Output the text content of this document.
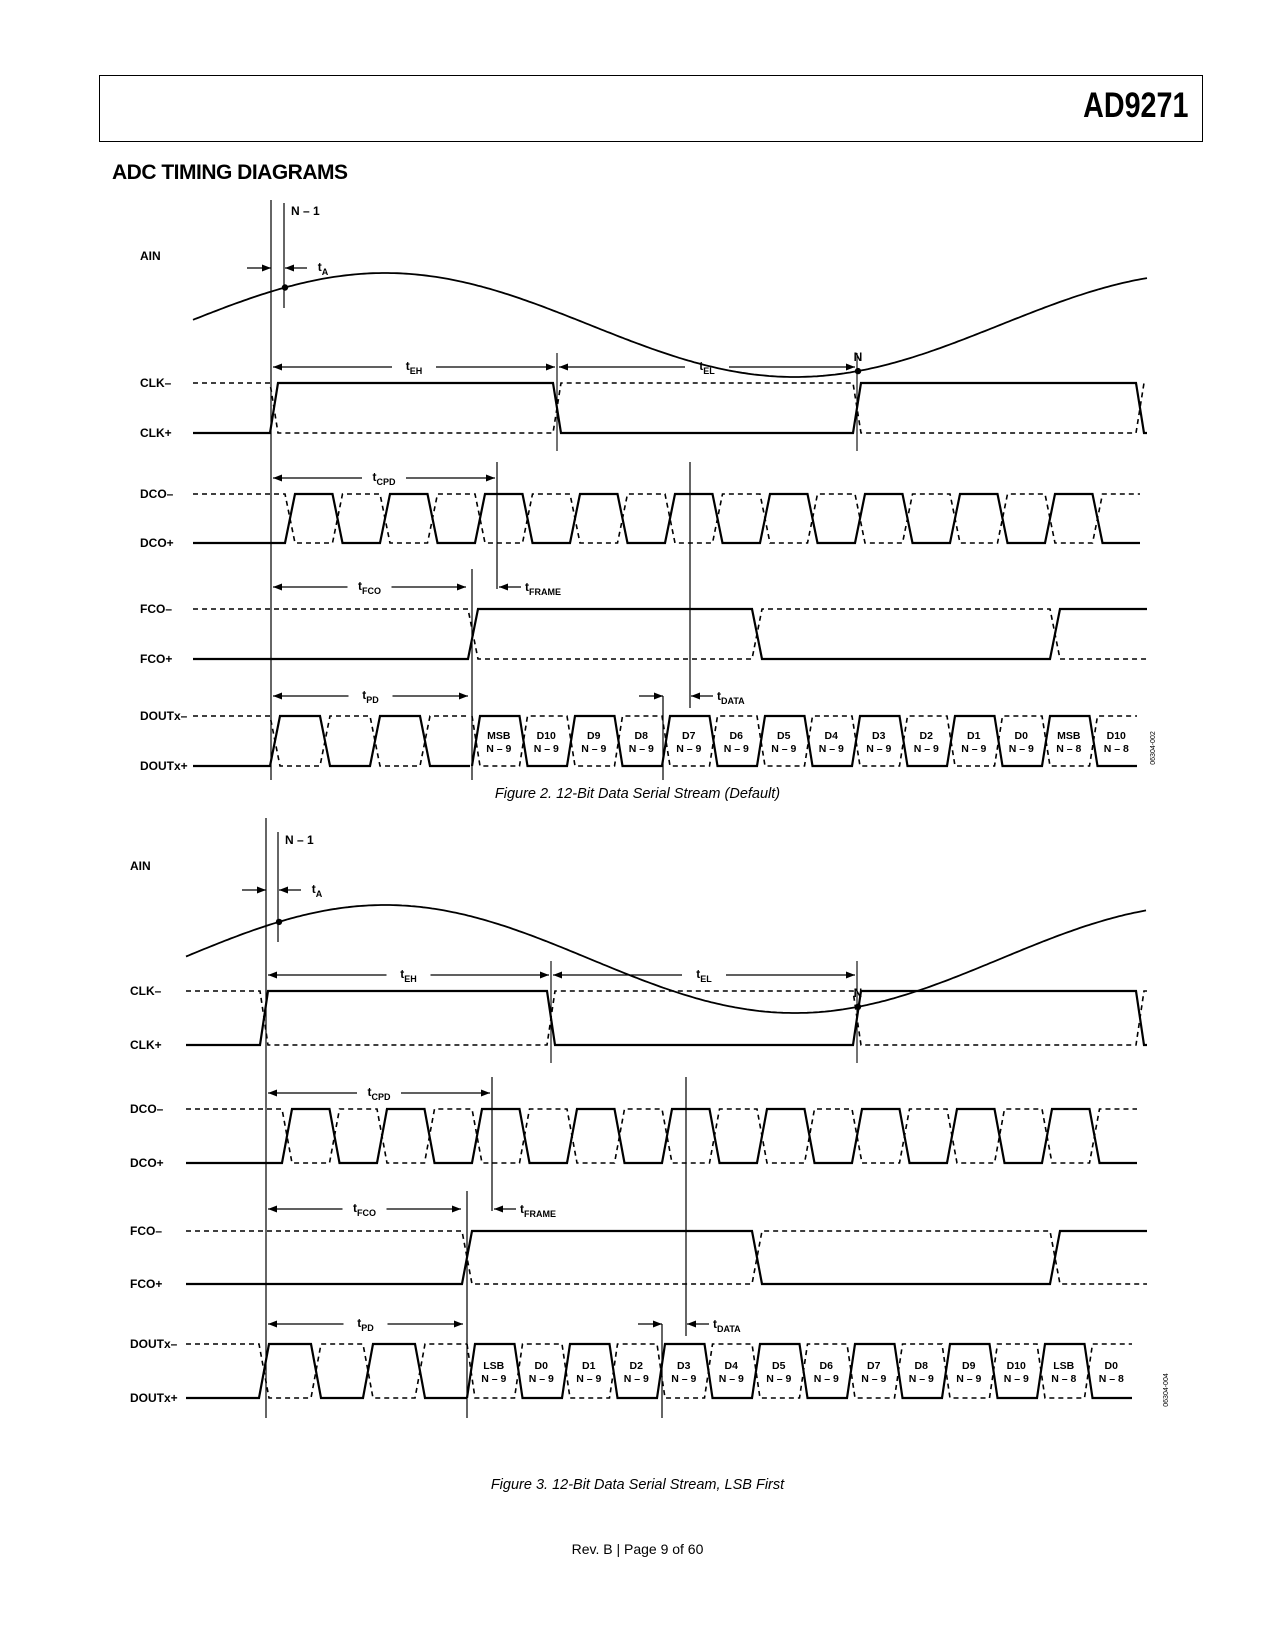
AD9271
ADC TIMING DIAGRAMS
AIN
N – 1
N
$t_A$
CLK–
CLK+
$t_{EH}$	$t_{EL}$
DCO–
DCO+
$t_{CPD}$
FCO–
FCO+
$t_{FCO}$	$t_{FRAME}$
DOUTx–
DOUTx+
$t_{PD}$	$t_{DATA}$
MSB
N – 9
D10
N – 9
D9
N – 9
D8
N – 9
D7
N – 9
D6
N – 9
D5
N – 9
D4
N – 9
D3
N – 9
D2
N – 9
D1
N – 9
D0
N – 9
MSB
N – 8
D10
N – 8	06304-002
Figure 2. 12-Bit Data Serial Stream (Default)
AIN
N – 1
N
$t_A$
CLK–
CLK+
$t_{EH}$	$t_{EL}$
DCO–
DCO+
$t_{CPD}$
FCO–
FCO+
$t_{FCO}$	$t_{FRAME}$
DOUTx–
DOUTx+
$t_{PD}$	$t_{DATA}$
LSB
N – 9
D0
N – 9
D1
N – 9
D2
N – 9
D3
N – 9
D4
N – 9
D5
N – 9
D6
N – 9
D7
N – 9
D8
N – 9
D9
N – 9
D10
N – 9
LSB
N – 8
D0
N – 8	06304-004
Figure 3. 12-Bit Data Serial Stream, LSB First
Rev. B | Page 9 of 60
